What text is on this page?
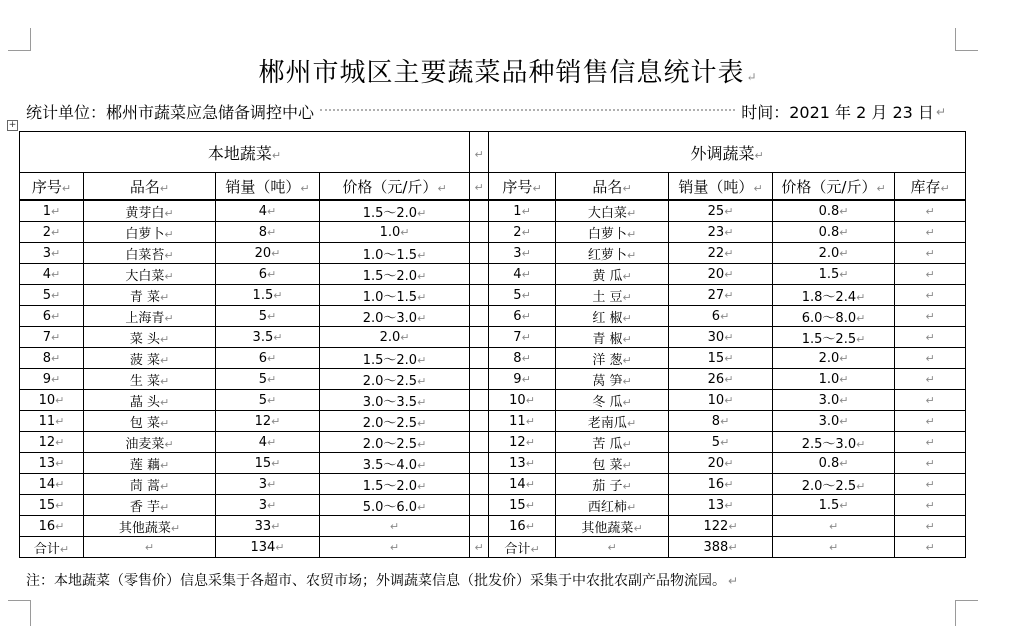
郴州市城区主要蔬菜品种销售信息统计表 ↵
统计单位：郴州市蔬菜应急储备调控中心	时间：2021 年 2 月 23 日 ↵
+
本地蔬菜↵				↵	外调蔬菜↵				
序号↵	品名↵	销量（吨）↵	价格（元/斤）↵	↵	序号↵	品名↵	销量（吨）↵	价格（元/斤）↵	库存↵
1↵	黄芽白↵	4↵	1.5～2.0↵		1↵	大白菜↵	25↵	0.8↵	↵
2↵	白萝卜↵	8↵	1.0↵		2↵	白萝卜↵	23↵	0.8↵	↵
3↵	白菜苔↵	20↵	1.0～1.5↵		3↵	红萝卜↵	22↵	2.0↵	↵
4↵	大白菜↵	6↵	1.5～2.0↵		4↵	黄 瓜↵	20↵	1.5↵	↵
5↵	青 菜↵	1.5↵	1.0～1.5↵		5↵	土 豆↵	27↵	1.8～2.4↵	↵
6↵	上海青↵	5↵	2.0～3.0↵		6↵	红 椒↵	6↵	6.0～8.0↵	↵
7↵	菜 头↵	3.5↵	2.0↵		7↵	青 椒↵	30↵	1.5～2.5↵	↵
8↵	菠 菜↵	6↵	1.5～2.0↵		8↵	洋 葱↵	15↵	2.0↵	↵
9↵	生 菜↵	5↵	2.0～2.5↵		9↵	莴 笋↵	26↵	1.0↵	↵
10↵	蕌 头↵	5↵	3.0～3.5↵		10↵	冬 瓜↵	10↵	3.0↵	↵
11↵	包 菜↵	12↵	2.0～2.5↵		11↵	老南瓜↵	8↵	3.0↵	↵
12↵	油麦菜↵	4↵	2.0～2.5↵		12↵	苦 瓜↵	5↵	2.5～3.0↵	↵
13↵	莲 藕↵	15↵	3.5～4.0↵		13↵	包 菜↵	20↵	0.8↵	↵
14↵	茼 蒿↵	3↵	1.5～2.0↵		14↵	茄 子↵	16↵	2.0～2.5↵	↵
15↵	香 芋↵	3↵	5.0～6.0↵		15↵	西红柿↵	13↵	1.5↵	↵
16↵	其他蔬菜↵	33↵	↵		16↵	其他蔬菜↵	122↵	↵	↵
合计↵	↵	134↵	↵	↵	合计↵	↵	388↵	↵	↵
注：本地蔬菜（零售价）信息采集于各超市、农贸市场；外调蔬菜信息（批发价）采集于中农批农副产品物流园。 ↵
